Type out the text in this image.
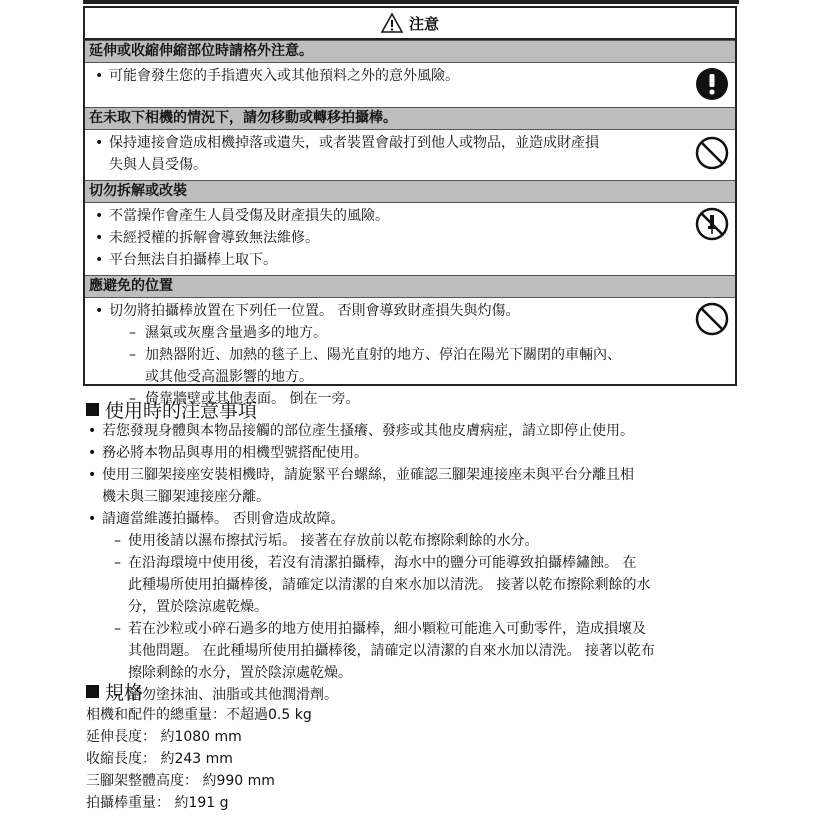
注意
延伸或收縮伸縮部位時請格外注意。
• 可能會發生您的手指遭夾入或其他預料之外的意外風險。
在未取下相機的情況下，請勿移動或轉移拍攝棒。
• 保持連接會造成相機掉落或遺失，或者裝置會敲打到他人或物品，並造成財產損
失與人員受傷。
切勿拆解或改裝
• 不當操作會產生人員受傷及財產損失的風險。
• 未經授權的拆解會導致無法維修。
• 平台無法自拍攝棒上取下。
應避免的位置
• 切勿將拍攝棒放置在下列任一位置。 否則會導致財產損失與灼傷。
– 濕氣或灰塵含量過多的地方。
– 加熱器附近、加熱的毯子上、陽光直射的地方、停泊在陽光下關閉的車輛內、
或其他受高溫影響的地方。
– 倚靠牆壁或其他表面。 倒在一旁。
使用時的注意事項
• 若您發現身體與本物品接觸的部位產生搔癢、發疹或其他皮膚病症，請立即停止使用。
• 務必將本物品與專用的相機型號搭配使用。
• 使用三腳架接座安裝相機時，請旋緊平台螺絲，並確認三腳架連接座未與平台分離且相
機未與三腳架連接座分離。
• 請適當維護拍攝棒。 否則會造成故障。
– 使用後請以濕布擦拭污垢。 接著在存放前以乾布擦除剩餘的水分。
– 在沿海環境中使用後，若沒有清潔拍攝棒，海水中的鹽分可能導致拍攝棒鏽蝕。 在
此種場所使用拍攝棒後，請確定以清潔的自來水加以清洗。 接著以乾布擦除剩餘的水
分，置於陰涼處乾燥。
– 若在沙粒或小碎石過多的地方使用拍攝棒，細小顆粒可能進入可動零件，造成損壞及
其他問題。 在此種場所使用拍攝棒後，請確定以清潔的自來水加以清洗。 接著以乾布
擦除剩餘的水分，置於陰涼處乾燥。
– 請勿塗抹油、油脂或其他潤滑劑。
規格
相機和配件的總重量：不超過0.5 kg
延伸長度： 約1080 mm
收縮長度： 約243 mm
三腳架整體高度： 約990 mm
拍攝棒重量： 約191 g
